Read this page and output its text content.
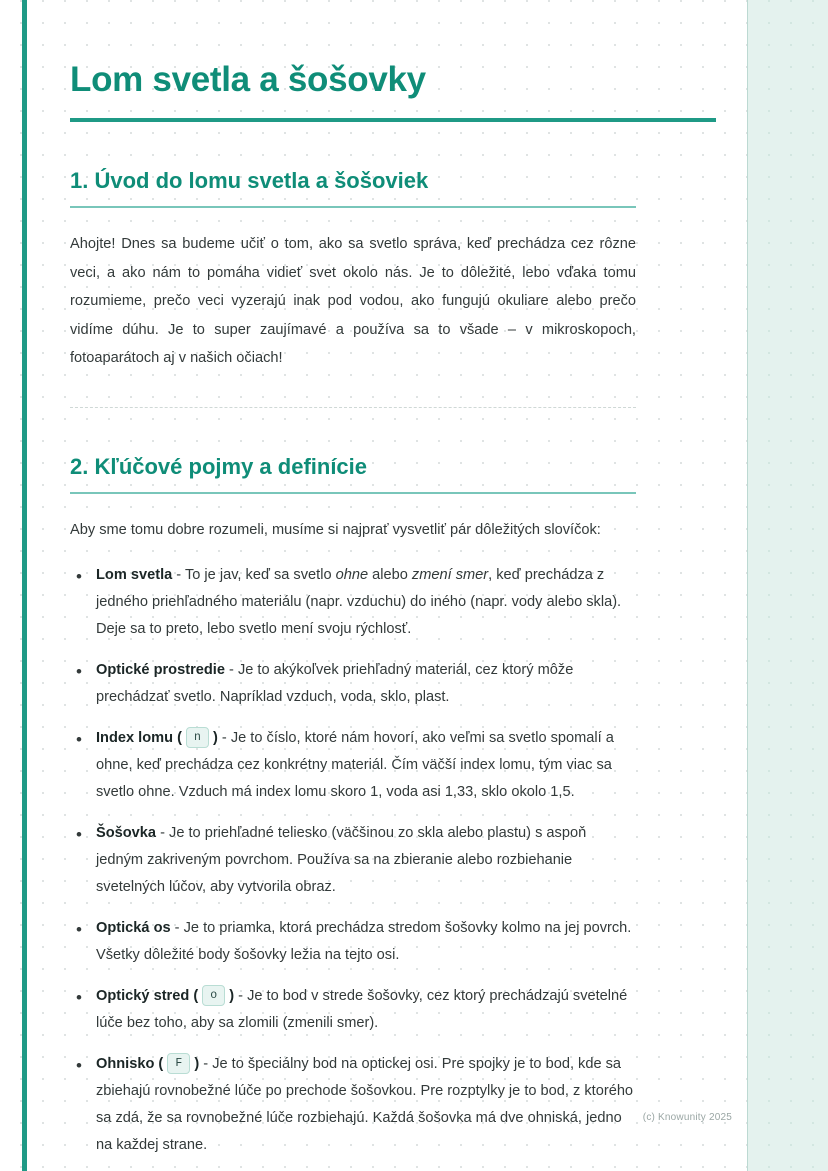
Lom svetla a šošovky
1. Úvod do lomu svetla a šošoviek

Ahojte! Dnes sa budeme učiť o tom, ako sa svetlo správa, keď prechádza cez rôzne veci, a ako nám to pomáha vidieť svet okolo nás. Je to dôležité, lebo vďaka tomu rozumieme, prečo veci vyzerajú inak pod vodou, ako fungujú okuliare alebo prečo vidíme dúhu. Je to super zaujímavé a používa sa to všade – v mikroskopoch, fotoaparátoch aj v našich očiach!

2. Kľúčové pojmy a definície

Aby sme tomu dobre rozumeli, musíme si najprať vysvetliť pár dôležitých slovíčok:

• Lom svetla - To je jav, keď sa svetlo ohne alebo zmení smer, keď prechádza z jedného priehľadného materiálu (napr. vzduchu) do iného (napr. vody alebo skla). Deje sa to preto, lebo svetlo mení svoju rýchlosť.
• Optické prostredie - Je to akýkoľvek priehľadný materiál, cez ktorý môže prechádzať svetlo. Napríklad vzduch, voda, sklo, plast.
• Index lomu ( n ) - Je to číslo, ktoré nám hovorí, ako veľmi sa svetlo spomalí a ohne, keď prechádza cez konkrétny materiál. Čím väčší index lomu, tým viac sa svetlo ohne. Vzduch má index lomu skoro 1, voda asi 1,33, sklo okolo 1,5.
• Šošovka - Je to priehľadné teliesko (väčšinou zo skla alebo plastu) s aspoň jedným zakriveným povrchom. Používa sa na zbieranie alebo rozbiehanie svetelných lúčov, aby vytvorila obraz.
• Optická os - Je to priamka, ktorá prechádza stredom šošovky kolmo na jej povrch. Všetky dôležité body šošovky ležia na tejto osi.
• Optický stred ( o ) - Je to bod v strede šošovky, cez ktorý prechádzajú svetelné lúče bez toho, aby sa zlomili (zmenili smer).
• Ohnisko ( F ) - Je to špeciálny bod na optickej osi. Pre spojky je to bod, kde sa zbiehajú rovnobežné lúče po prechode šošovkou. Pre rozptylky je to bod, z ktorého sa zdá, že sa rovnobežné lúče rozbiehajú. Každá šošovka má dve ohniská, jedno na každej strane.
(c) Knowunity 2025
